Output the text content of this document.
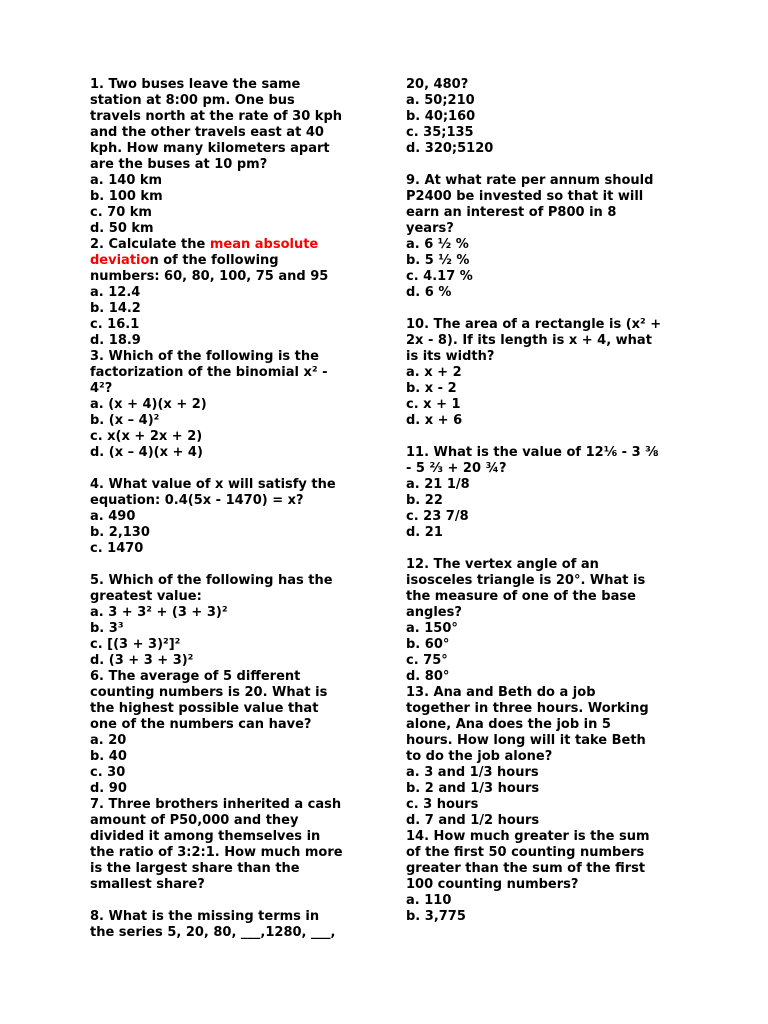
1. Two buses leave the same
station at 8:00 pm. One bus
travels north at the rate of 30 kph
and the other travels east at 40
kph. How many kilometers apart
are the buses at 10 pm?
a. 140 km
b. 100 km
c. 70 km
d. 50 km
2. Calculate the mean absolute
deviation of the following
numbers: 60, 80, 100, 75 and 95
a. 12.4
b. 14.2
c. 16.1
d. 18.9
3. Which of the following is the
factorization of the binomial x² -
4²?
a. (x + 4)(x + 2)
b. (x – 4)²
c. x(x + 2x + 2)
d. (x – 4)(x + 4)
4. What value of x will satisfy the
equation: 0.4(5x - 1470) = x?
a. 490
b. 2,130
c. 1470
5. Which of the following has the
greatest value:
a. 3 + 3² + (3 + 3)²
b. 3³
c. [(3 + 3)²]²
d. (3 + 3 + 3)²
6. The average of 5 different
counting numbers is 20. What is
the highest possible value that
one of the numbers can have?
a. 20
b. 40
c. 30
d. 90
7. Three brothers inherited a cash
amount of P50,000 and they
divided it among themselves in
the ratio of 3:2:1. How much more
is the largest share than the
smallest share?
8. What is the missing terms in
the series 5, 20, 80, ___,1280, ___,
20, 480?
a. 50;210
b. 40;160
c. 35;135
d. 320;5120
9. At what rate per annum should
P2400 be invested so that it will
earn an interest of P800 in 8
years?
a. 6 ½ %
b. 5 ½ %
c. 4.17 %
d. 6 %
10. The area of a rectangle is (x² +
2x - 8). If its length is x + 4, what
is its width?
a. x + 2
b. x - 2
c. x + 1
d. x + 6
11. What is the value of 12⅙ - 3 ⅜
- 5 ⅔ + 20 ¾?
a. 21 1/8
b. 22
c. 23 7/8
d. 21
12. The vertex angle of an
isosceles triangle is 20°. What is
the measure of one of the base
angles?
a. 150°
b. 60°
c. 75°
d. 80°
13. Ana and Beth do a job
together in three hours. Working
alone, Ana does the job in 5
hours. How long will it take Beth
to do the job alone?
a. 3 and 1/3 hours
b. 2 and 1/3 hours
c. 3 hours
d. 7 and 1/2 hours
14. How much greater is the sum
of the first 50 counting numbers
greater than the sum of the first
100 counting numbers?
a. 110
b. 3,775
